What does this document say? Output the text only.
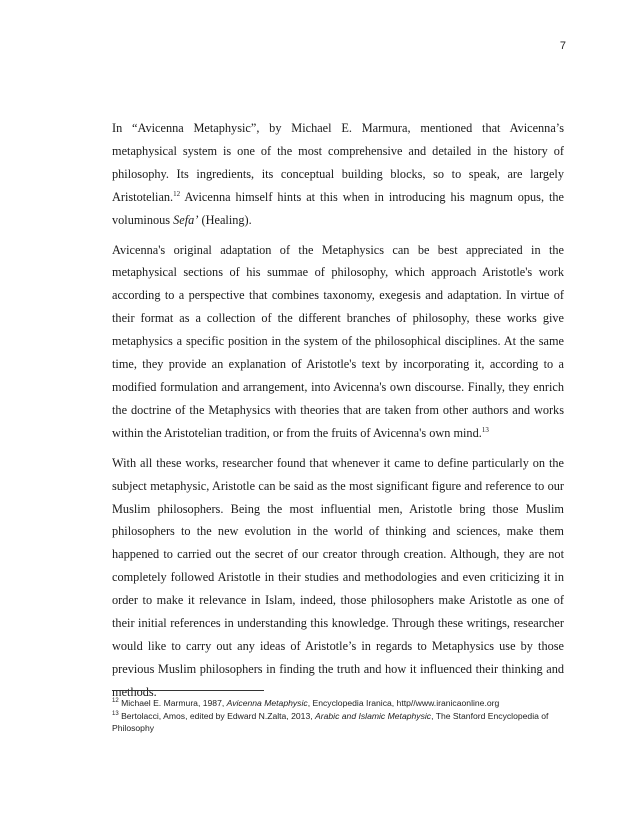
7

In “Avicenna Metaphysic”, by Michael E. Marmura, mentioned that Avicenna’s metaphysical system is one of the most comprehensive and detailed in the history of philosophy. Its ingredients, its conceptual building blocks, so to speak, are largely Aristotelian.$^{12}$ Avicenna himself hints at this when in introducing his magnum opus, the voluminous Sefa’ (Healing).

Avicenna's original adaptation of the Metaphysics can be best appreciated in the metaphysical sections of his summae of philosophy, which approach Aristotle's work according to a perspective that combines taxonomy, exegesis and adaptation. In virtue of their format as a collection of the different branches of philosophy, these works give metaphysics a specific position in the system of the philosophical disciplines. At the same time, they provide an explanation of Aristotle's text by incorporating it, according to a modified formulation and arrangement, into Avicenna's own discourse. Finally, they enrich the doctrine of the Metaphysics with theories that are taken from other authors and works within the Aristotelian tradition, or from the fruits of Avicenna's own mind.$^{13}$

With all these works, researcher found that whenever it came to define particularly on the subject metaphysic, Aristotle can be said as the most significant figure and reference to our Muslim philosophers. Being the most influential men, Aristotle bring those Muslim philosophers to the new evolution in the world of thinking and sciences, make them happened to carried out the secret of our creator through creation. Although, they are not completely followed Aristotle in their studies and methodologies and even criticizing it in order to make it relevance in Islam, indeed, those philosophers make Aristotle as one of their initial references in understanding this knowledge. Through these writings, researcher would like to carry out any ideas of Aristotle’s in regards to Metaphysics use by those previous Muslim philosophers in finding the truth and how it influenced their thinking and methods.

$^{12}$ Michael E. Marmura, 1987, Avicenna Metaphysic, Encyclopedia Iranica, http//www.iranicaonline.org

$^{13}$ Bertolacci, Amos, edited by Edward N.Zalta, 2013, Arabic and Islamic Metaphysic, The Stanford Encyclopedia of Philosophy
